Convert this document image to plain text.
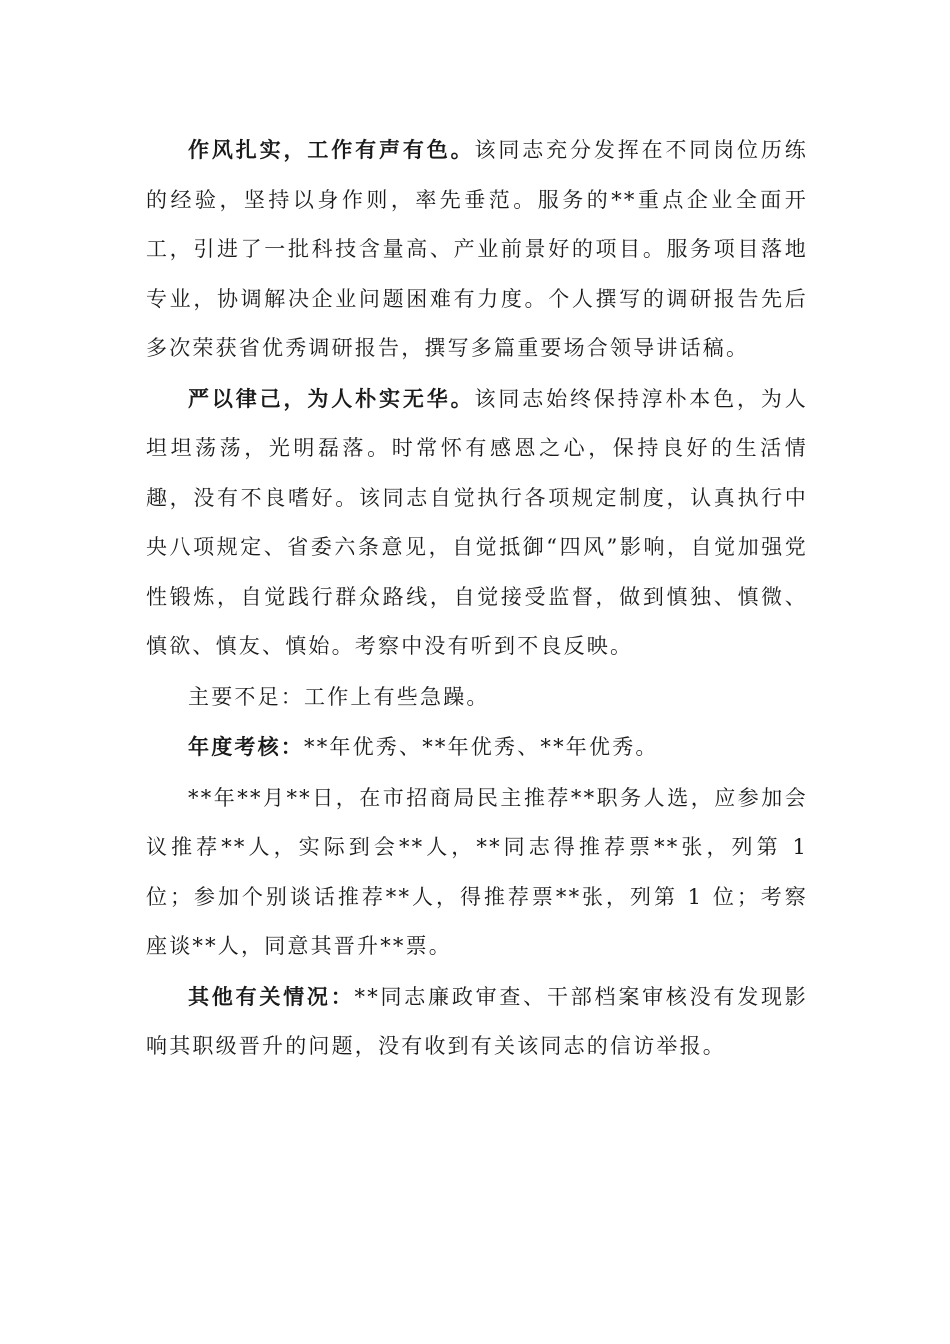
作风扎实，工作有声有色。该同志充分发挥在不同岗位历练的经验，坚持以身作则，率先垂范。服务的**重点企业全面开工，引进了一批科技含量高、产业前景好的项目。服务项目落地专业，协调解决企业问题困难有力度。个人撰写的调研报告先后多次荣获省优秀调研报告，撰写多篇重要场合领导讲话稿。

严以律己，为人朴实无华。该同志始终保持淳朴本色，为人坦坦荡荡，光明磊落。时常怀有感恩之心，保持良好的生活情趣，没有不良嗜好。该同志自觉执行各项规定制度，认真执行中央八项规定、省委六条意见，自觉抵御“四风”影响，自觉加强党性锻炼，自觉践行群众路线，自觉接受监督，做到慎独、慎微、慎欲、慎友、慎始。考察中没有听到不良反映。

主要不足：工作上有些急躁。

年度考核：**年优秀、**年优秀、**年优秀。

**年**月**日，在市招商局民主推荐**职务人选，应参加会议推荐**人，实际到会**人，**同志得推荐票**张，列第 1 位；参加个别谈话推荐**人，得推荐票**张，列第 1 位；考察座谈**人，同意其晋升**票。

其他有关情况：**同志廉政审查、干部档案审核没有发现影响其职级晋升的问题，没有收到有关该同志的信访举报。
